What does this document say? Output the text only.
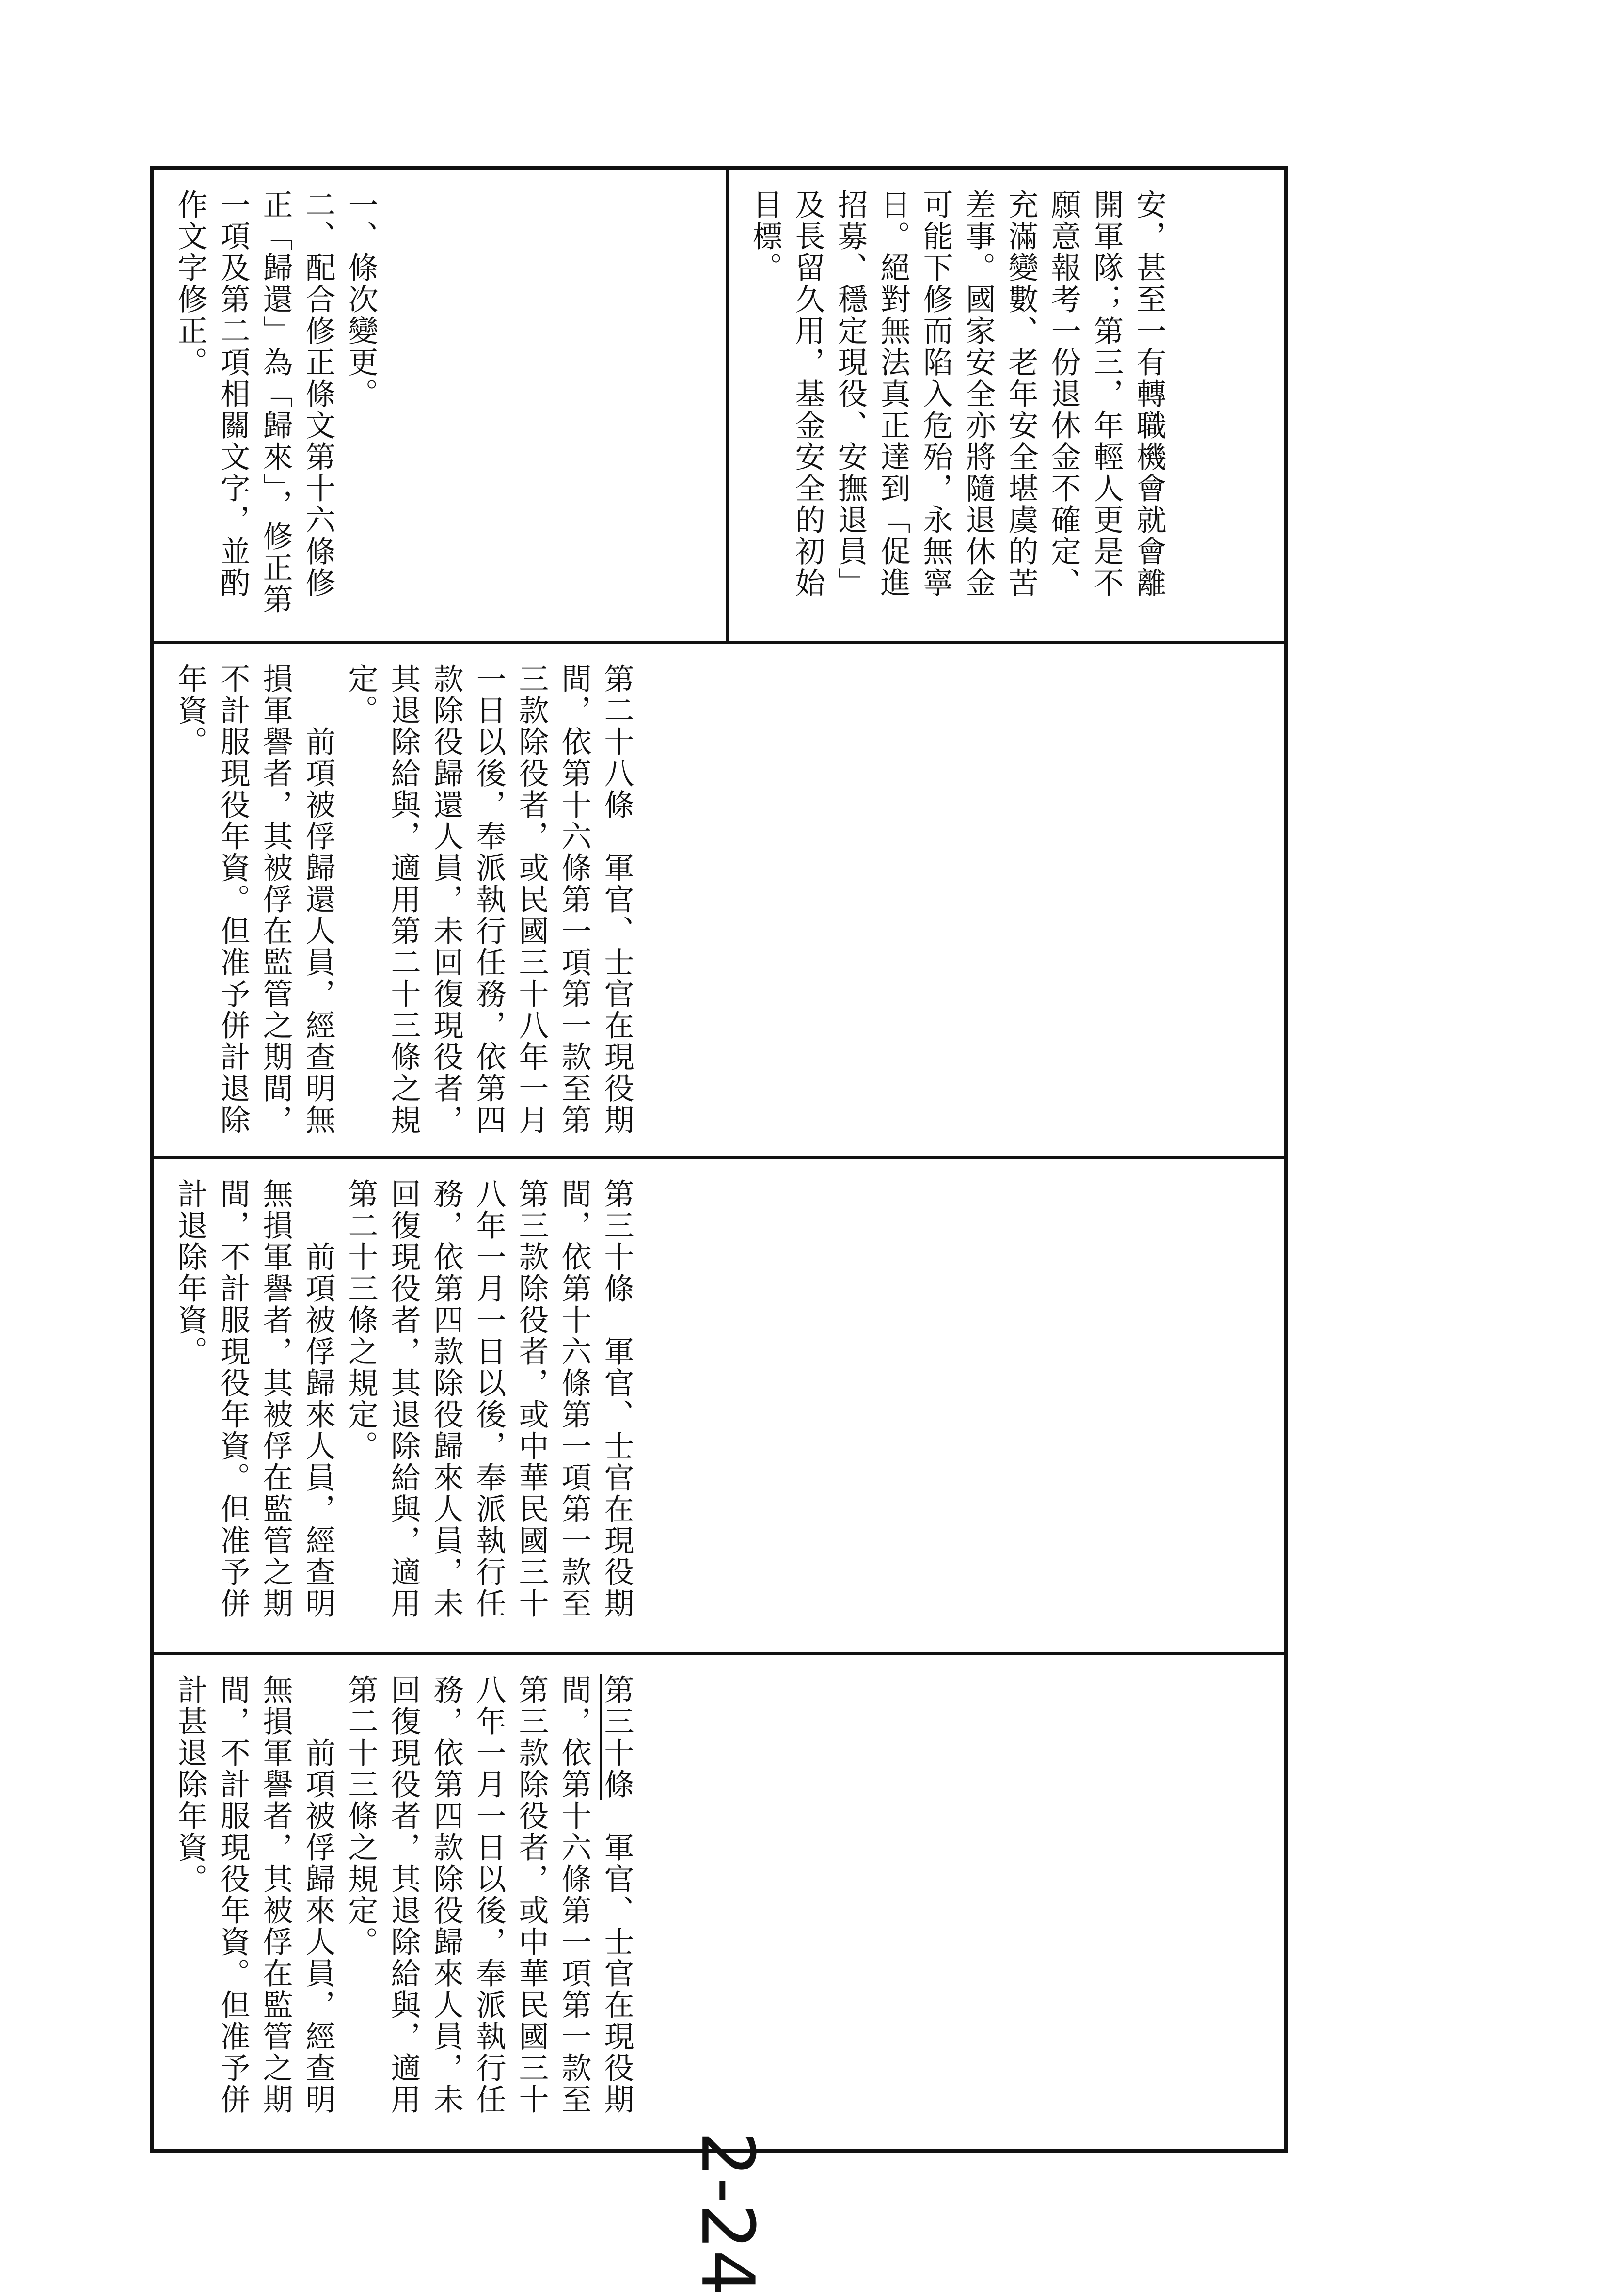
安，甚至一有轉職機會就會離開軍隊；第三，年輕人更是不願意報考一份退休金不確定、充滿變數、老年安全堪虞的苦差事。國家安全亦將隨退休金可能下修而陷入危殆，永無寧日。絕對無法真正達到「促進招募、穩定現役、安撫退員」及長留久用，基金安全的初始目標。
一、條次變更。
二、配合修正條文第十六條修正「歸還」為「歸來」，修正第一項及第二項相關文字，並酌作文字修正。
第二十八條　軍官、士官在現役期間，依第十六條第一項第一款至第三款除役者，或民國三十八年一月一日以後，奉派執行任務，依第四款除役歸還人員，未回復現役者，其退除給與，適用第二十三條之規定。
　　前項被俘歸還人員，經查明無損軍譽者，其被俘在監管之期間，不計服現役年資。但准予併計退除年資。
第三十條　軍官、士官在現役期間，依第十六條第一項第一款至第三款除役者，或中華民國三十八年一月一日以後，奉派執行任務，依第四款除役歸來人員，未回復現役者，其退除給與，適用第二十三條之規定。
　　前項被俘歸來人員，經查明無損軍譽者，其被俘在監管之期間，不計服現役年資。但准予併計退除年資。
第三十條　軍官、士官在現役期間，依第十六條第一項第一款至第三款除役者，或中華民國三十八年一月一日以後，奉派執行任務，依第四款除役歸來人員，未回復現役者，其退除給與，適用第二十三條之規定。
　　前項被俘歸來人員，經查明無損軍譽者，其被俘在監管之期間，不計服現役年資。但准予併計甚退除年資。
2-24
